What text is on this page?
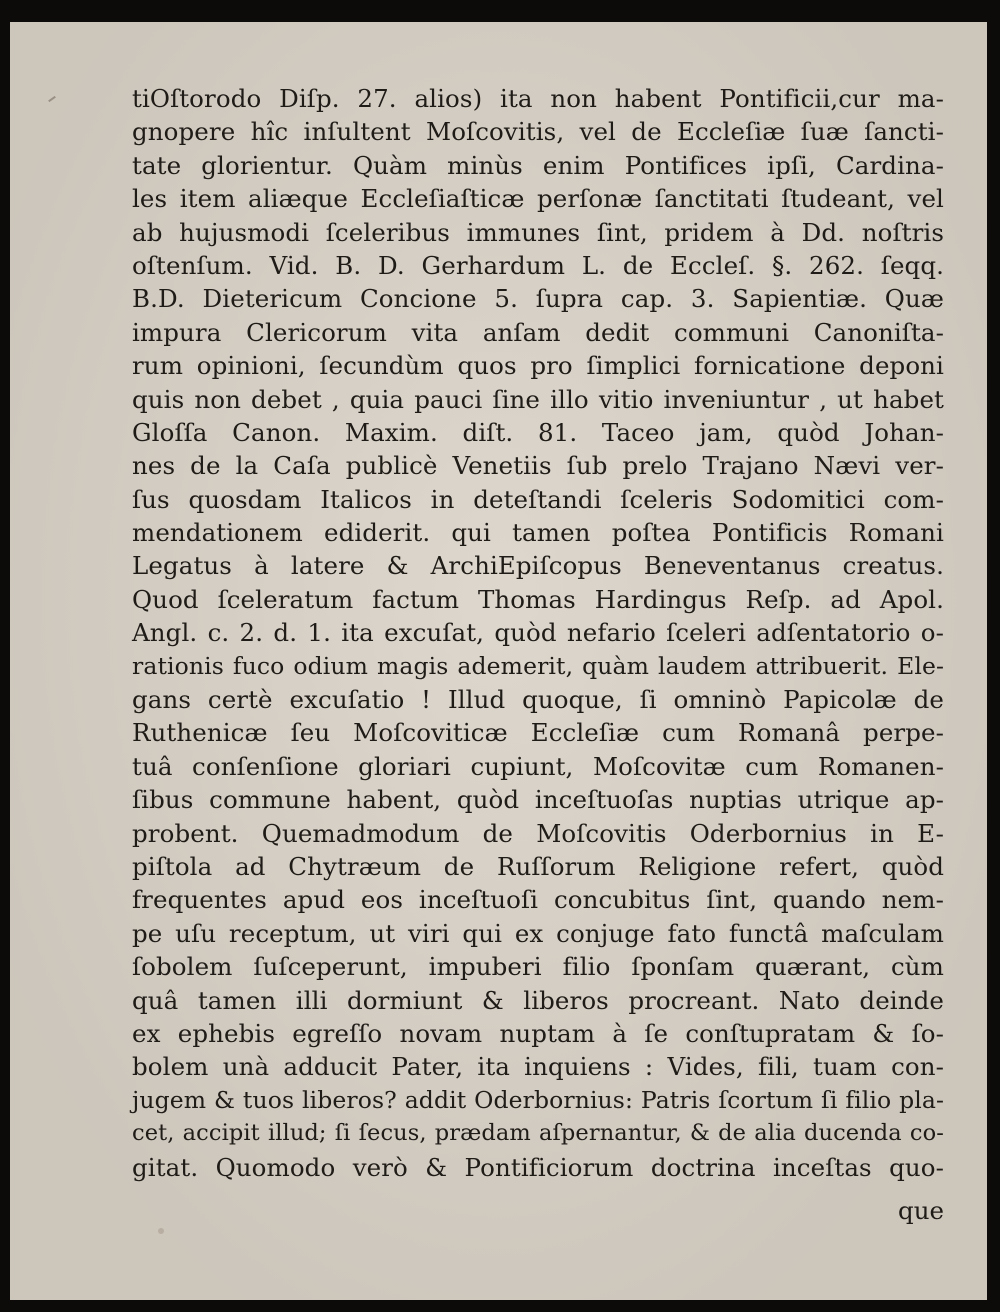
tiOſtorodo Diſp. 27. alios) ita non habent Pontificii,cur ma-
gnopere hîc inſultent Moſcovitis, vel de Eccleſiæ ſuæ ſancti-
tate glorientur. Quàm minùs enim Pontifices ipſi, Cardina-
les item aliæque Eccleſiaſticæ perſonæ ſanctitati ſtudeant, vel
ab hujusmodi ſceleribus immunes ſint, pridem à Dd. noſtris
oſtenſum. Vid. B. D. Gerhardum L. de Eccleſ. §. 262. ſeqq.
B.D. Dietericum Concione 5. ſupra cap. 3. Sapientiæ. Quæ
impura Clericorum vita anſam dedit communi Canoniſta-
rum opinioni, ſecundùm quos pro ſimplici fornicatione deponi
quis non debet , quia pauci ſine illo vitio inveniuntur , ut habet
Gloſſa Canon. Maxim. diſt. 81. Taceo jam, quòd Johan-
nes de la Caſa publicè Venetiis ſub prelo Trajano Nævi ver-
ſus quosdam Italicos in deteſtandi ſceleris Sodomitici com-
mendationem ediderit. qui tamen poſtea Pontificis Romani
Legatus à latere & ArchiEpiſcopus Beneventanus creatus.
Quod ſceleratum factum Thomas Hardingus Reſp. ad Apol.
Angl. c. 2. d. 1. ita excuſat, quòd nefario ſceleri adſentatorio o-
rationis fuco odium magis ademerit, quàm laudem attribuerit. Ele-
gans certè excuſatio ! Illud quoque, ſi omninò Papicolæ de
Ruthenicæ ſeu Moſcoviticæ Eccleſiæ cum Romanâ perpe-
tuâ conſenſione gloriari cupiunt, Moſcovitæ cum Romanen-
ſibus commune habent, quòd inceſtuoſas nuptias utrique ap-
probent. Quemadmodum de Moſcovitis Oderbornius in E-
piſtola ad Chytræum de Ruſſorum Religione refert, quòd
frequentes apud eos inceſtuoſi concubitus ſint, quando nem-
pe uſu receptum, ut viri qui ex conjuge fato functâ maſculam
ſobolem ſuſceperunt, impuberi filio ſponſam quærant, cùm
quâ tamen illi dormiunt & liberos procreant. Nato deinde
ex ephebis egreſſo novam nuptam à ſe conſtupratam & ſo-
bolem unà adducit Pater, ita inquiens : Vides, fili, tuam con-
jugem & tuos liberos? addit Oderbornius: Patris ſcortum ſi filio pla-
cet, accipit illud; ſi ſecus, prædam aſpernantur, & de alia ducenda co-
gitat. Quomodo verò & Pontificiorum doctrina inceſtas quo-
que
